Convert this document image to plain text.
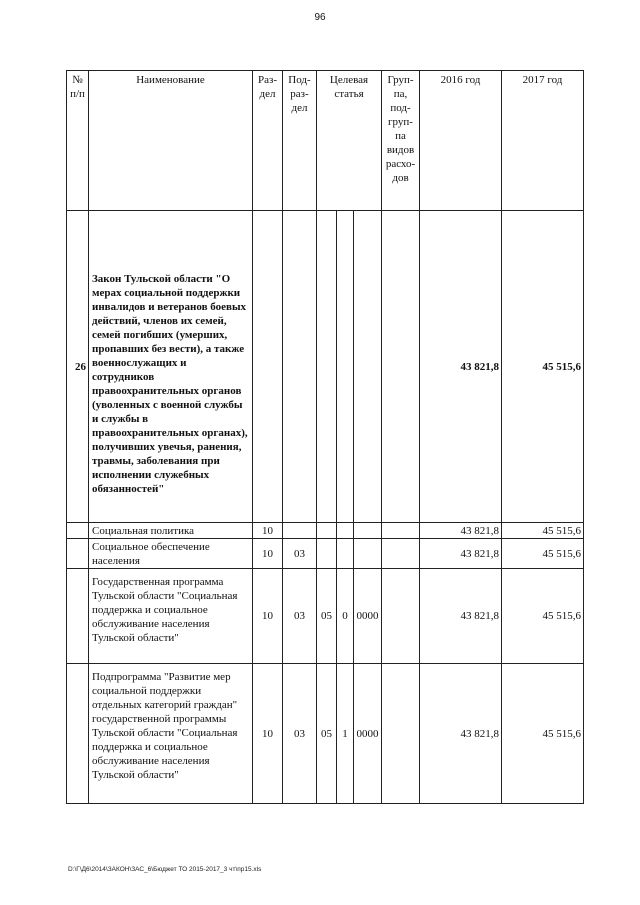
96
№ п/п	Наименование	Раз- дел	Под- раз- дел	Целевая статья			Груп- па, под- груп- па видов расхо- дов	2016 год	2017 год
26	Закон Тульской области "О мерах социальной поддержки инвалидов и ветеранов боевых действий, членов их семей, семей погибших (умерших, пропавших без вести), а также военнослужащих и сотрудников правоохранительных органов (уволенных с военной службы и службы в правоохранительных органах), получивших увечья, ранения, травмы, заболевания при исполнении служебных обязанностей"							43 821,8	45 515,6
	Социальная политика	10						43 821,8	45 515,6
	Социальное обеспечение населения	10	03					43 821,8	45 515,6
	Государственная программа Тульской области "Социальная поддержка и социальное обслуживание населения Тульской области"	10	03	05	0	0000		43 821,8	45 515,6
	Подпрограмма "Развитие мер социальной поддержки отдельных категорий граждан" государственной программы Тульской области "Социальная поддержка и социальное обслуживание населения Тульской области"	10	03	05	1	0000		43 821,8	45 515,6
D:\Г\Д6\2014\ЗАКОН\ЗАС_6\Бюджет ТО 2015-2017_3 чт\пр15.xls
